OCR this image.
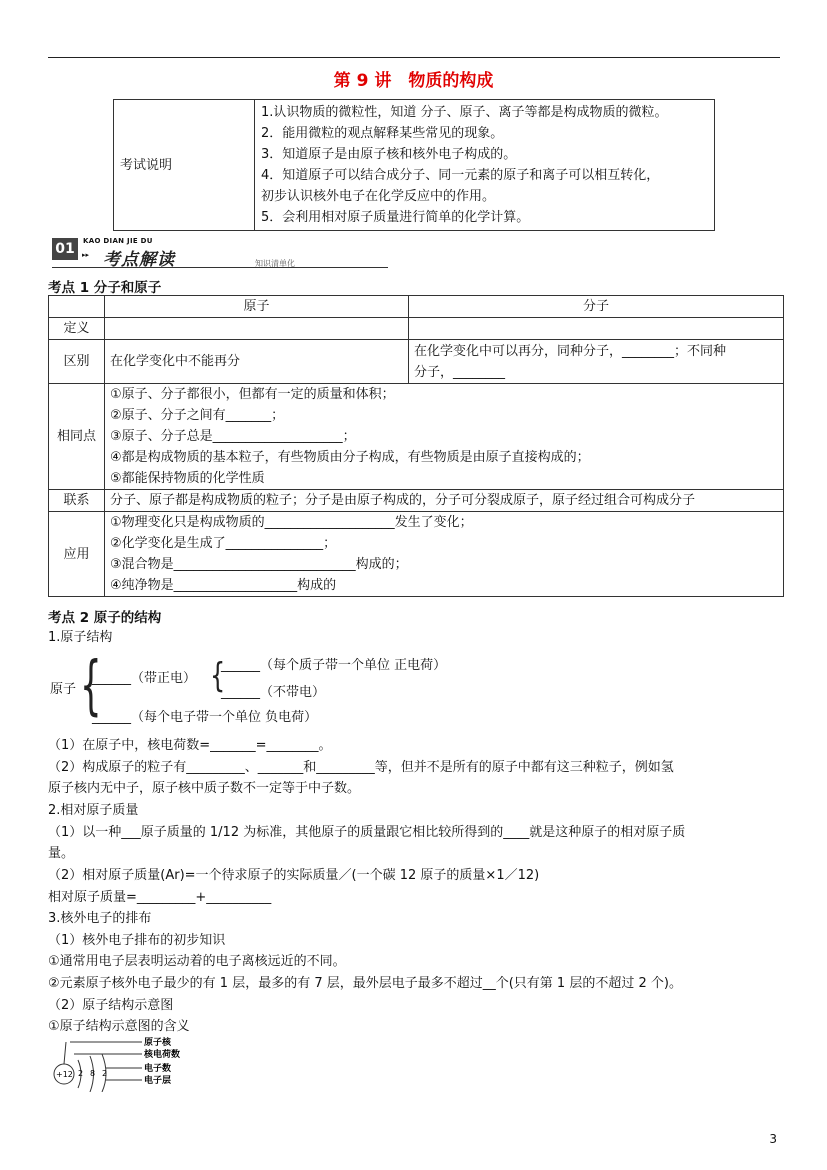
第 9 讲　物质的构成
考试说明	
1.认识物质的微粒性，知道 分子、原子、离子等都是构成物质的微粒。
2．能用微粒的观点解释某些常见的现象。
3．知道原子是由原子核和核外电子构成的。
4．知道原子可以结合成分子、同一元素的原子和离子可以相互转化，
初步认识核外电子在化学反应中的作用。
5．会利用相对原子质量进行简单的化学计算。
01	KAO DIAN JIE DU
▸▸ 考点解读	知识清单化
考点 1 分子和原子
	原子	分子
定义		
区别	在化学变化中不能再分	在化学变化中可以再分，同种分子，________；不同种
分子，________

相同点	①原子、分子都很小，但都有一定的质量和体积；
②原子、分子之间有_______；
③原子、分子总是____________________；
④都是构成物质的基本粒子，有些物质由分子构成，有些物质是由原子直接构成的；
⑤都能保持物质的化学性质	

联系	分子、原子都是构成物质的粒子；分子是由原子构成的，分子可分裂成原子，原子经过组合可构成分子	
应用	①物理变化只是构成物质的____________________发生了变化；
②化学变化是生成了_______________；
③混合物是____________________________构成的；
④纯净物是___________________构成的	
考点 2 原子的结构
1.原子结构
原子 {
______（带正电） {
______（每个质子带一个单位 正电荷）
______（不带电）
______（每个电子带一个单位 负电荷）
（1）在原子中，核电荷数=_______=________。
（2）构成原子的粒子有_________、_______和_________等，但并不是所有的原子中都有这三种粒子，例如氢
原子核内无中子，原子核中质子数不一定等于中子数。
2.相对原子质量
（1）以一种___原子质量的 1/12 为标准，其他原子的质量跟它相比较所得到的____就是这种原子的相对原子质
量。
（2）相对原子质量(Ar)=一个待求原子的实际质量／(一个碳 12 原子的质量×1／12)
相对原子质量=_________+__________
3.核外电子的排布
（1）核外电子排布的初步知识
①通常用电子层表明运动着的电子离核远近的不同。
②元素原子核外电子最少的有 1 层，最多的有 7 层，最外层电子最多不超过__个(只有第 1 层的不超过 2 个)。
（2）原子结构示意图
①原子结构示意图的含义
+12 2 8 2
原子核
核电荷数
电子数
电子层
3
